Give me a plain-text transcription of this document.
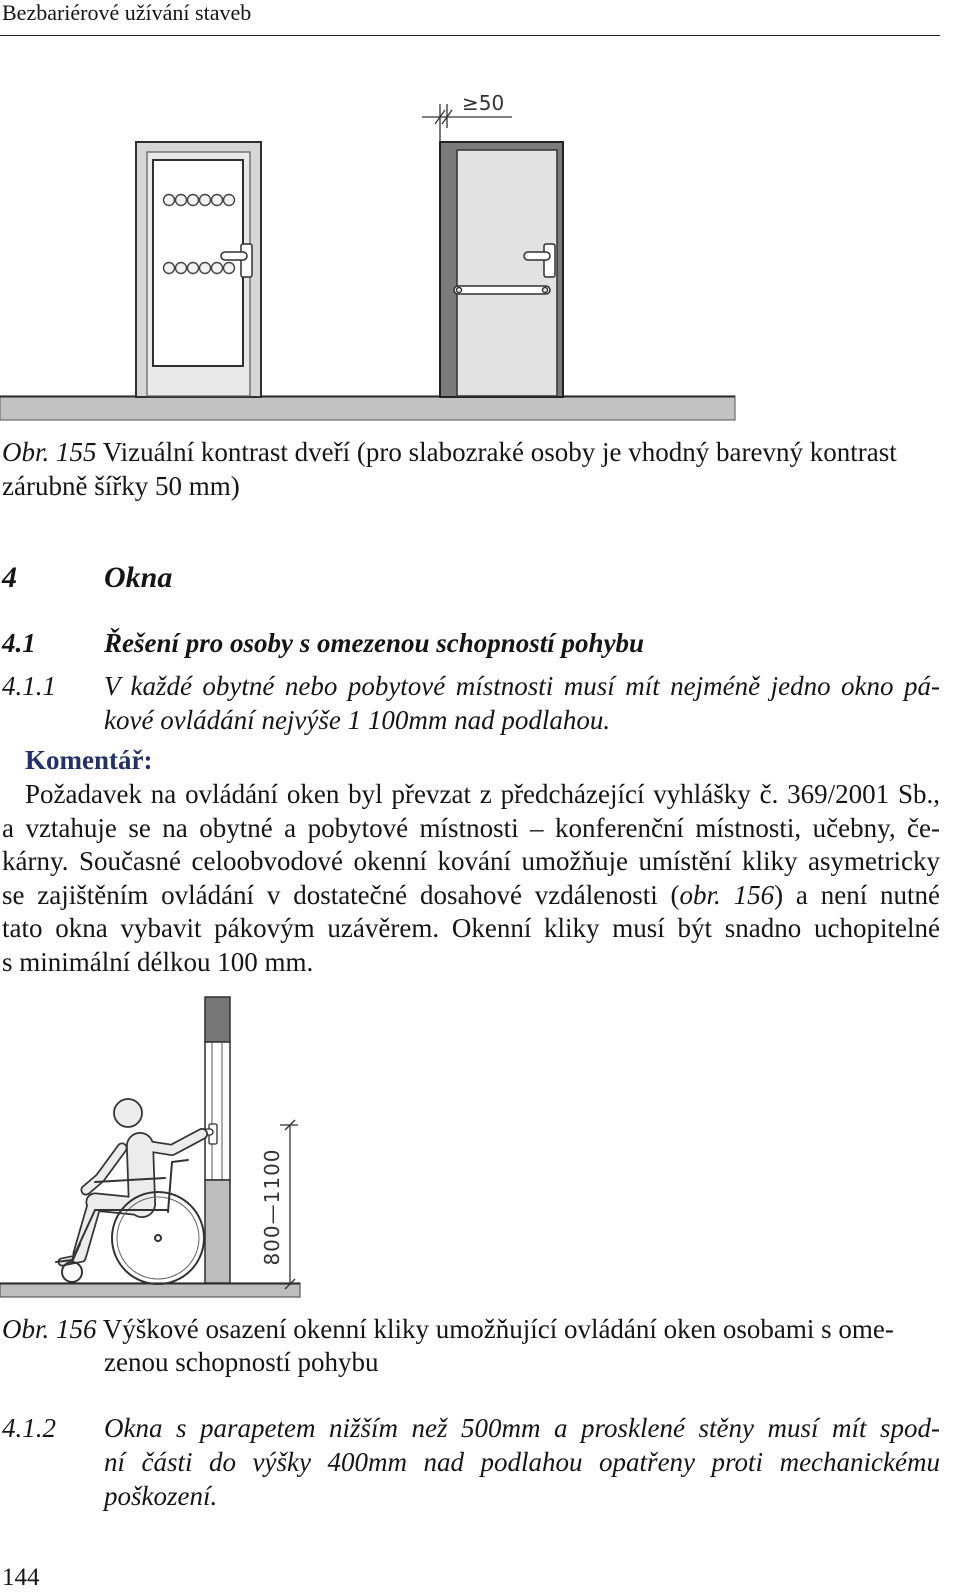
Bezbariérové užívání staveb
≥50
Obr. 155 Vizuální kontrast dveří (pro slabozraké osoby je vhodný barevný kontrast
zárubně šířky 50 mm)
4	Okna
4.1	Řešení pro osoby s omezenou schopností pohybu
4.1.1 V každé obytné nebo pobytové místnosti musí mít nejméně jedno okno pá-
kové ovládání nejvýše 1 100mm nad podlahou.
Komentář:
Požadavek na ovládání oken byl převzat z předcházející vyhlášky č. 369/2001 Sb.,
a vztahuje se na obytné a pobytové místnosti – konferenční místnosti, učebny, če-
kárny. Současné celoobvodové okenní kování umožňuje umístění kliky asymetricky
se zajištěním ovládání v dostatečné dosahové vzdálenosti (obr. 156) a není nutné
tato okna vybavit pákovým uzávěrem. Okenní kliky musí být snadno uchopitelné
s minimální délkou 100 mm.
800—1100
Obr. 156 Výškové osazení okenní kliky umožňující ovládání oken osobami s ome-
zenou schopností pohybu
4.1.2 Okna s parapetem nižším než 500mm a prosklené stěny musí mít spod-
ní části do výšky 400mm nad podlahou opatřeny proti mechanickému
poškození.
144
